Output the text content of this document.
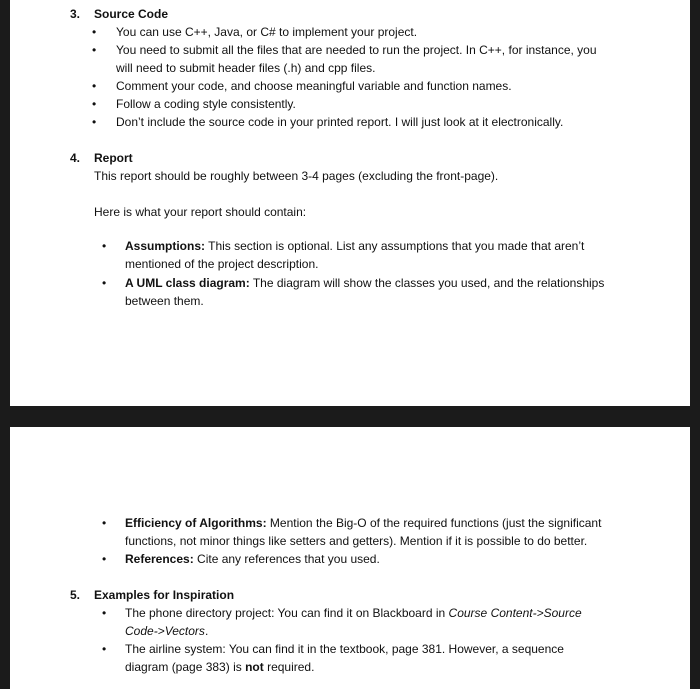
3. Source Code
• You can use C++, Java, or C# to implement your project.
• You need to submit all the files that are needed to run the project. In C++, for instance, you
will need to submit header files (.h) and cpp files.
• Comment your code, and choose meaningful variable and function names.
• Follow a coding style consistently.
• Don’t include the source code in your printed report. I will just look at it electronically.
4. Report
This report should be roughly between 3-4 pages (excluding the front-page).
Here is what your report should contain:
• Assumptions: This section is optional. List any assumptions that you made that aren’t
mentioned of the project description.
• A UML class diagram: The diagram will show the classes you used, and the relationships
between them.
• Efficiency of Algorithms: Mention the Big-O of the required functions (just the significant
functions, not minor things like setters and getters). Mention if it is possible to do better.
• References: Cite any references that you used.
5. Examples for Inspiration
• The phone directory project: You can find it on Blackboard in Course Content->Source
Code->Vectors.
• The airline system: You can find it in the textbook, page 381. However, a sequence
diagram (page 383) is not required.
